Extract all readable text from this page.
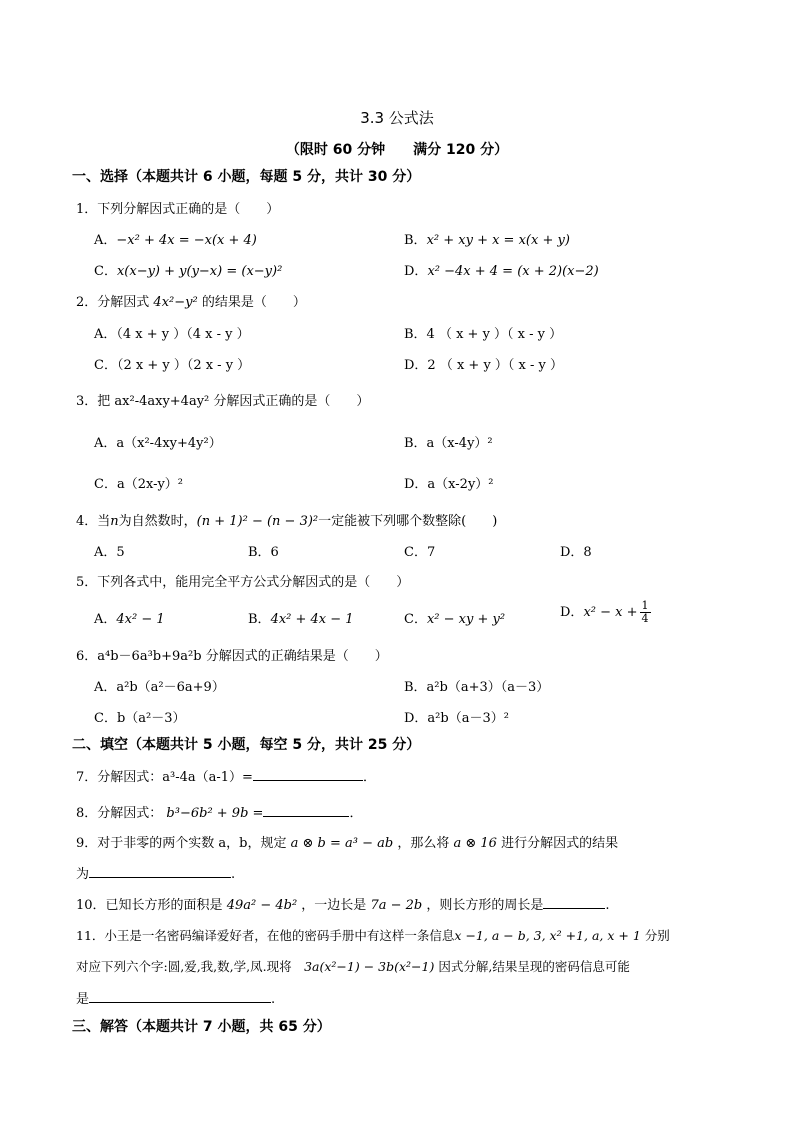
3.3 公式法
（限时 60 分钟　　满分 120 分）
一、选择（本题共计 6 小题，每题 5 分，共计 30 分）
1．下列分解因式正确的是（　　）
A．−x² + 4x = −x(x + 4)	B．x² + xy + x = x(x + y)
C．x(x−y) + y(y−x) = (x−y)²	D．x² −4x + 4 = (x + 2)(x−2)
2．分解因式 4x²−y² 的结果是（　　）
A．（4 x + y ）（4 x - y ）	B．4 （ x + y ）（ x - y ）
C．（2 x + y ）（2 x - y ）	D．2 （ x + y ）（ x - y ）
3．把 ax²-4axy+4ay² 分解因式正确的是（　　）
A．a（x²-4xy+4y²）	B．a（x-4y）²
C．a（2x-y）²	D．a（x-2y）²
4．当n为自然数时，(n + 1)² − (n − 3)²一定能被下列哪个数整除(　　)
A．5	B．6	C．7	D．8
5．下列各式中，能用完全平方公式分解因式的是（　　）
A．4x² − 1	B．4x² + 4x − 1	C．x² − xy + y²	D．$x^2 - x + \frac{1}{4}$
6．a⁴b－6a³b+9a²b 分解因式的正确结果是（　　）
A．a²b（a²－6a+9）	B．a²b（a+3）（a－3）
C．b（a²－3）	D．a²b（a－3）²
二、填空（本题共计 5 小题，每空 5 分，共计 25 分）
7．分解因式：a³-4a（a-1）=	．
8．分解因式： b³−6b² + 9b =	．
9．对于非零的两个实数 a，b，规定 a ⊗ b = a³ − ab ，那么将 a ⊗ 16 进行分解因式的结果
为	.
10．已知长方形的面积是 49a² − 4b² ，一边长是 7a − 2b ，则长方形的周长是	.
11．小王是一名密码编译爱好者，在他的密码手册中有这样一条信息x −1, a − b, 3, x² +1, a, x + 1 分别
对应下列六个字:圆,爱,我,数,学,凤.现将　 3a(x²−1) − 3b(x²−1) 因式分解,结果呈现的密码信息可能
是	.
三、解答（本题共计 7 小题，共 65 分）
